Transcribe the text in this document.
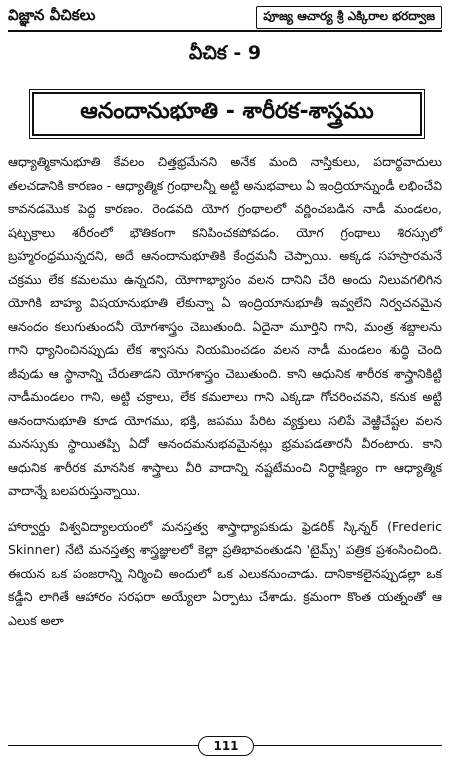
విజ్ఞాన వీచికలు	పూజ్య ఆచార్య శ్రీ ఎక్కిరాల భరద్వాజ
వీచిక - 9
ఆనందానుభూతి - శారీరక-శాస్త్రము

ఆధ్యాత్మికానుభూతి కేవలం చిత్తభ్రమేనని అనేక మంది నాస్తికులు, పదార్థవాదులు తలచడానికి కారణం - ఆధ్యాత్మిక గ్రంథాలన్నీ అట్టి అనుభవాలు ఏ ఇంద్రియాన్నుండీ లభించేవి కావనడమొక పెద్ద కారణం. రెండవది యోగ గ్రంథాలలో వర్ణించబడిన నాడీ మండలం, షట్చక్రాలు శరీరంలో భౌతికంగా కనిపించకపోవడం. యోగ గ్రంథాలు శిరస్సులో బ్రహ్మరంధ్రమున్నదని, అదే ఆనందానుభూతికి కేంద్రమనీ చెప్పాయి. అక్కడ సహస్రారమనే చక్రము లేక కమలము ఉన్నదని, యోగాభ్యాసం వలన దానిని చేరి అందు నిలువగలిగిన యోగికి బాహ్య విషయానుభూతి లేకున్నా ఏ ఇంద్రియానుభూతీ ఇవ్వలేని నిర్వచనమైన ఆనందం కలుగుతుందనీ యోగశాస్త్రం చెబుతుంది. ఏదైనా మూర్తిని గాని, మంత్ర శబ్దాలను గాని ధ్యానించినప్పుడు లేక శ్వాసను నియమించడం వలన నాడీ మండలం శుద్ధి చెంది జీవుడు ఆ స్థానాన్ని చేరుతాడని యోగశాస్త్రం చెబుతుంది. కాని ఆధునిక శారీరక శాస్త్రానికిట్టి నాడీమండలం గాని, అట్టి చక్రాలు, లేక కమలాలు గాని ఎక్కడా గోచరించవని, కనుక అట్టి ఆనందానుభూతి కూడ యోగము, భక్తి, జపము పేరిట వ్యక్తులు సలిపే వెఱ్ఱిచేష్టల వలన మనస్సుకు స్థాయితప్పి ఏదో ఆనందమనుభవమైనట్లు భ్రమపడతారనీ వీరంటారు. కాని ఆధునిక శారీరక మానసిక శాస్త్రాలు వీరి వాదాన్ని నష్టటేమంచి నిర్ధాక్షిణ్యం గా ఆధ్యాత్మిక వాదాన్నే బలపరుస్తున్నాయి.

హార్వార్డు విశ్వవిద్యాలయంలో మనస్తత్వ శాస్త్రాధ్యాపకుడు ఫ్రెడరిక్ స్కిన్నర్ (Frederic Skinner) నేటి మనస్తత్వ శాస్త్రజ్ఞులలో కెల్లా ప్రతిభావంతుడని 'టైమ్స్' పత్రిక ప్రశంసించింది. ఈయన ఒక పంజరాన్ని నిర్మించి అందులో ఒక ఎలుకనుంచాడు. దానికాకలైనప్పుడల్లా ఒక కడ్డీని లాగితే ఆహారం సరఫరా అయ్యేలా ఏర్పాటు చేశాడు. క్రమంగా కొంత యత్నంతో ఆ ఎలుక అలా

111
